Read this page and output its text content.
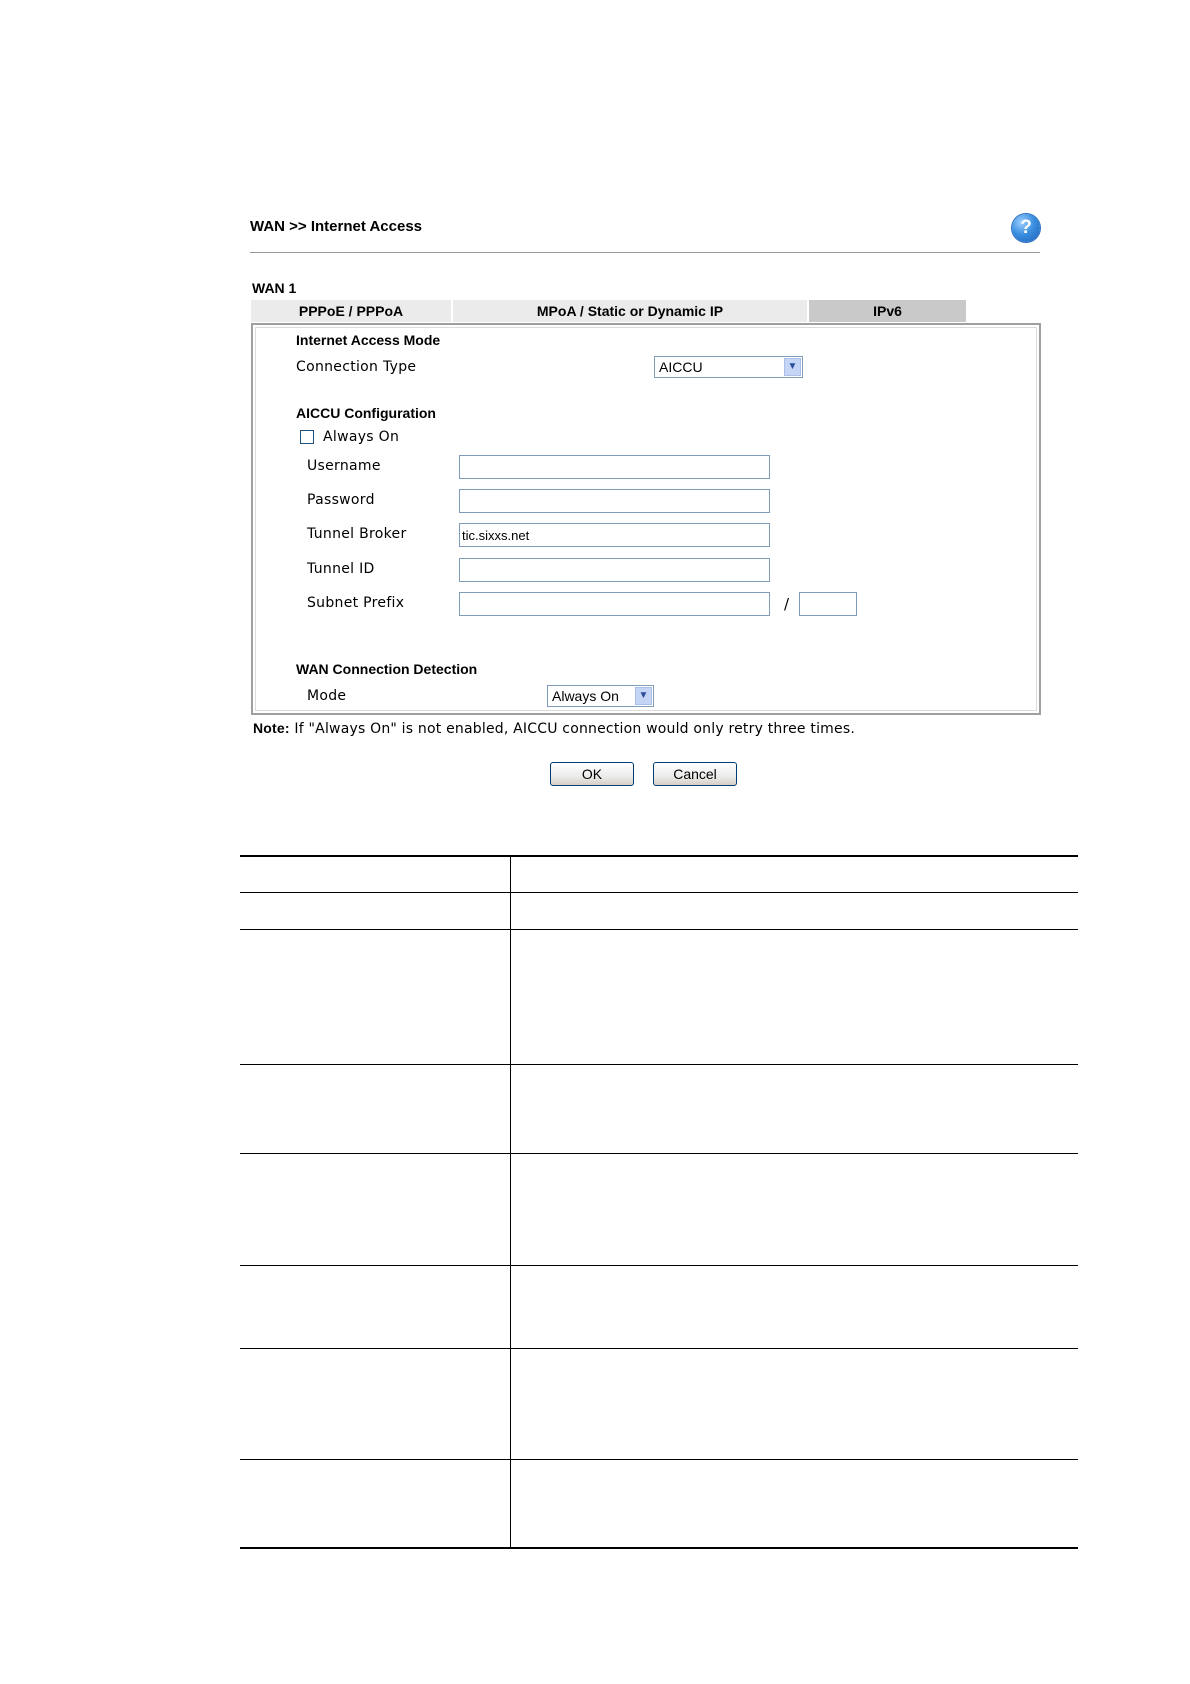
WAN >> Internet Access	?
WAN 1
PPPoE / PPPoA	MPoA / Static or Dynamic IP	IPv6
Internet Access Mode
Connection Type	AICCU	▼
AICCU Configuration
Always On
Username
Password
Tunnel Broker
tic.sixxs.net
Tunnel ID
Subnet Prefix	/
WAN Connection Detection
Mode	Always On	▼
Note: If "Always On" is not enabled, AICCU connection would only retry three times.
OK	Cancel
